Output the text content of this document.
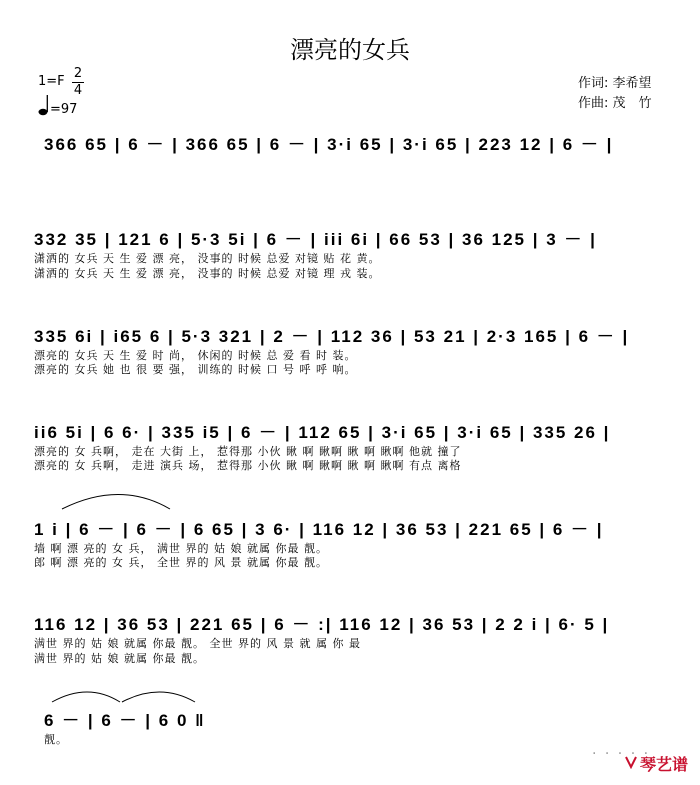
漂亮的女兵
1=F
2
4
=97
作词: 李希望
作曲: 茂　竹
366 65 | 6 － | 366 65 | 6 － | 3·i 65 | 3·i 65 | 223 12 | 6 － |
332 35 | 121 6 | 5·3 5i | 6 － | iii 6i | 66 53 | 36 125 | 3 － |
潇洒的 女兵 天 生 爱 漂 亮， 没事的 时候 总爱 对镜 贴 花 黄。
潇洒的 女兵 天 生 爱 漂 亮， 没事的 时候 总爱 对镜 理 戎 装。
335 6i | i65 6 | 5·3 321 | 2 － | 112 36 | 53 21 | 2·3 165 | 6 － |
漂亮的 女兵 天 生 爱 时 尚， 休闲的 时候 总 爱 看 时 装。
漂亮的 女兵 她 也 很 要 强， 训练的 时候 口 号 呼 呼 响。
ii6 5i | 6 6· | 335 i5 | 6 － | 112 65 | 3·i 65 | 3·i 65 | 335 26 |
漂亮的 女 兵啊， 走在 大街 上， 惹得那 小伙 瞅 啊 瞅啊 瞅 啊 瞅啊 他就 撞了
漂亮的 女 兵啊， 走进 演兵 场， 惹得那 小伙 瞅 啊 瞅啊 瞅 啊 瞅啊 有点 离格
1 i | 6 － | 6 － | 6 65 | 3 6· | 116 12 | 36 53 | 221 65 | 6 － |
墙 啊 漂 亮的 女 兵， 满世 界的 姑 娘 就属 你最 靓。
郎 啊 漂 亮的 女 兵， 全世 界的 风 景 就属 你最 靓。
116 12 | 36 53 | 221 65 | 6 － :| 116 12 | 36 53 | 2 2 i | 6· 5 |
满世 界的 姑 娘 就属 你最 靓。 全世 界的 风 景 就 属 你 最
满世 界的 姑 娘 就属 你最 靓。
6 － | 6 － | 6 0 ‖
靓。
· · · · ·
琴艺谱
